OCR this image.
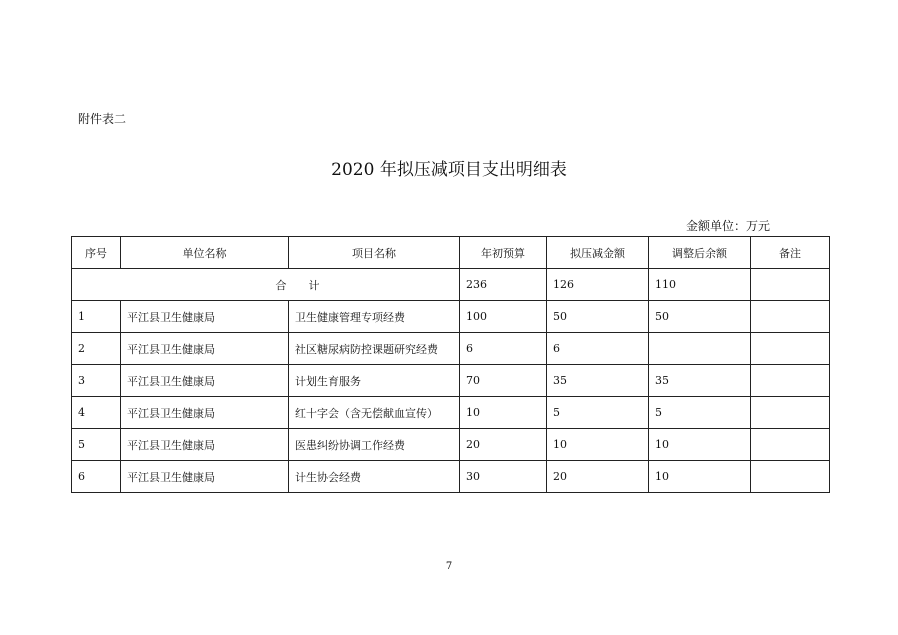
附件表二
2020 年拟压减项目支出明细表
金额单位：万元
序号	单位名称	项目名称	年初预算	拟压减金额	调整后余额	备注
合　　计			236	126	110	
1	平江县卫生健康局	卫生健康管理专项经费	100	50	50	
2	平江县卫生健康局	社区糖尿病防控课题研究经费	6	6		
3	平江县卫生健康局	计划生育服务	70	35	35	
4	平江县卫生健康局	红十字会（含无偿献血宣传）	10	5	5	
5	平江县卫生健康局	医患纠纷协调工作经费	20	10	10	
6	平江县卫生健康局	计生协会经费	30	20	10	
7
